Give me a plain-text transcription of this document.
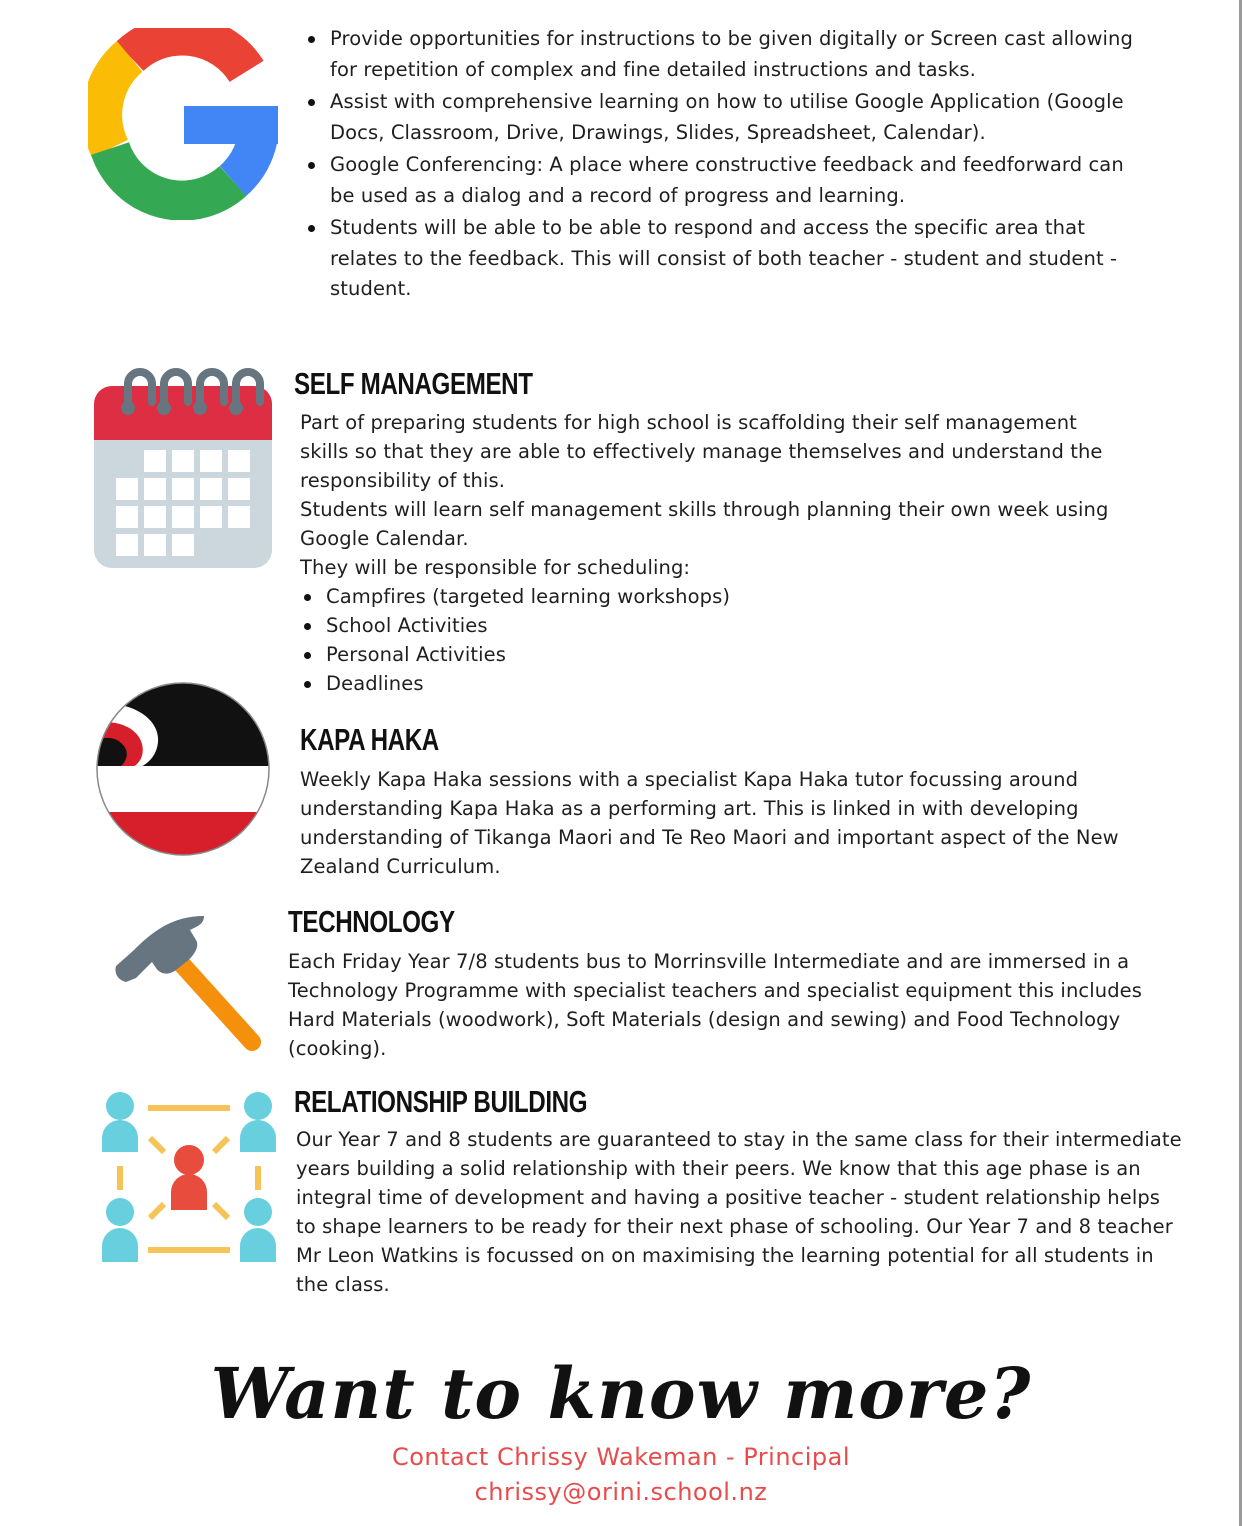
Provide opportunities for instructions to be given digitally or Screen cast allowing for repetition of complex and fine detailed instructions and tasks.
Assist with comprehensive learning on how to utilise Google Application (Google Docs, Classroom, Drive, Drawings, Slides, Spreadsheet, Calendar).
Google Conferencing: A place where constructive feedback and feedforward can be used as a dialog and a record of progress and learning.
Students will be able to be able to respond and access the specific area that relates to the feedback. This will consist of both teacher - student and student - student.
SELF MANAGEMENT
Part of preparing students for high school is scaffolding their self management skills so that they are able to effectively manage themselves and understand the responsibility of this.
Students will learn self management skills through planning their own week using Google Calendar.
They will be responsible for scheduling:
Campfires (targeted learning workshops)
School Activities
Personal Activities
Deadlines
KAPA HAKA
Weekly Kapa Haka sessions with a specialist Kapa Haka tutor focussing around understanding Kapa Haka as a performing art. This is linked in with developing understanding of Tikanga Maori and Te Reo Maori and important aspect of the New Zealand Curriculum.
TECHNOLOGY
Each Friday Year 7/8 students bus to Morrinsville Intermediate and are immersed in a Technology Programme with specialist teachers and specialist equipment this includes Hard Materials (woodwork), Soft Materials (design and sewing) and Food Technology (cooking).
RELATIONSHIP BUILDING
Our Year 7 and 8 students are guaranteed to stay in the same class for their intermediate years building a solid relationship with their peers. We know that this age phase is an integral time of development and having a positive teacher - student relationship helps to shape learners to be ready for their next phase of schooling. Our Year 7 and 8 teacher Mr Leon Watkins is focussed on on maximising the learning potential for all students in the class.
Want to know more?
Contact Chrissy Wakeman - Principal
chrissy@orini.school.nz
